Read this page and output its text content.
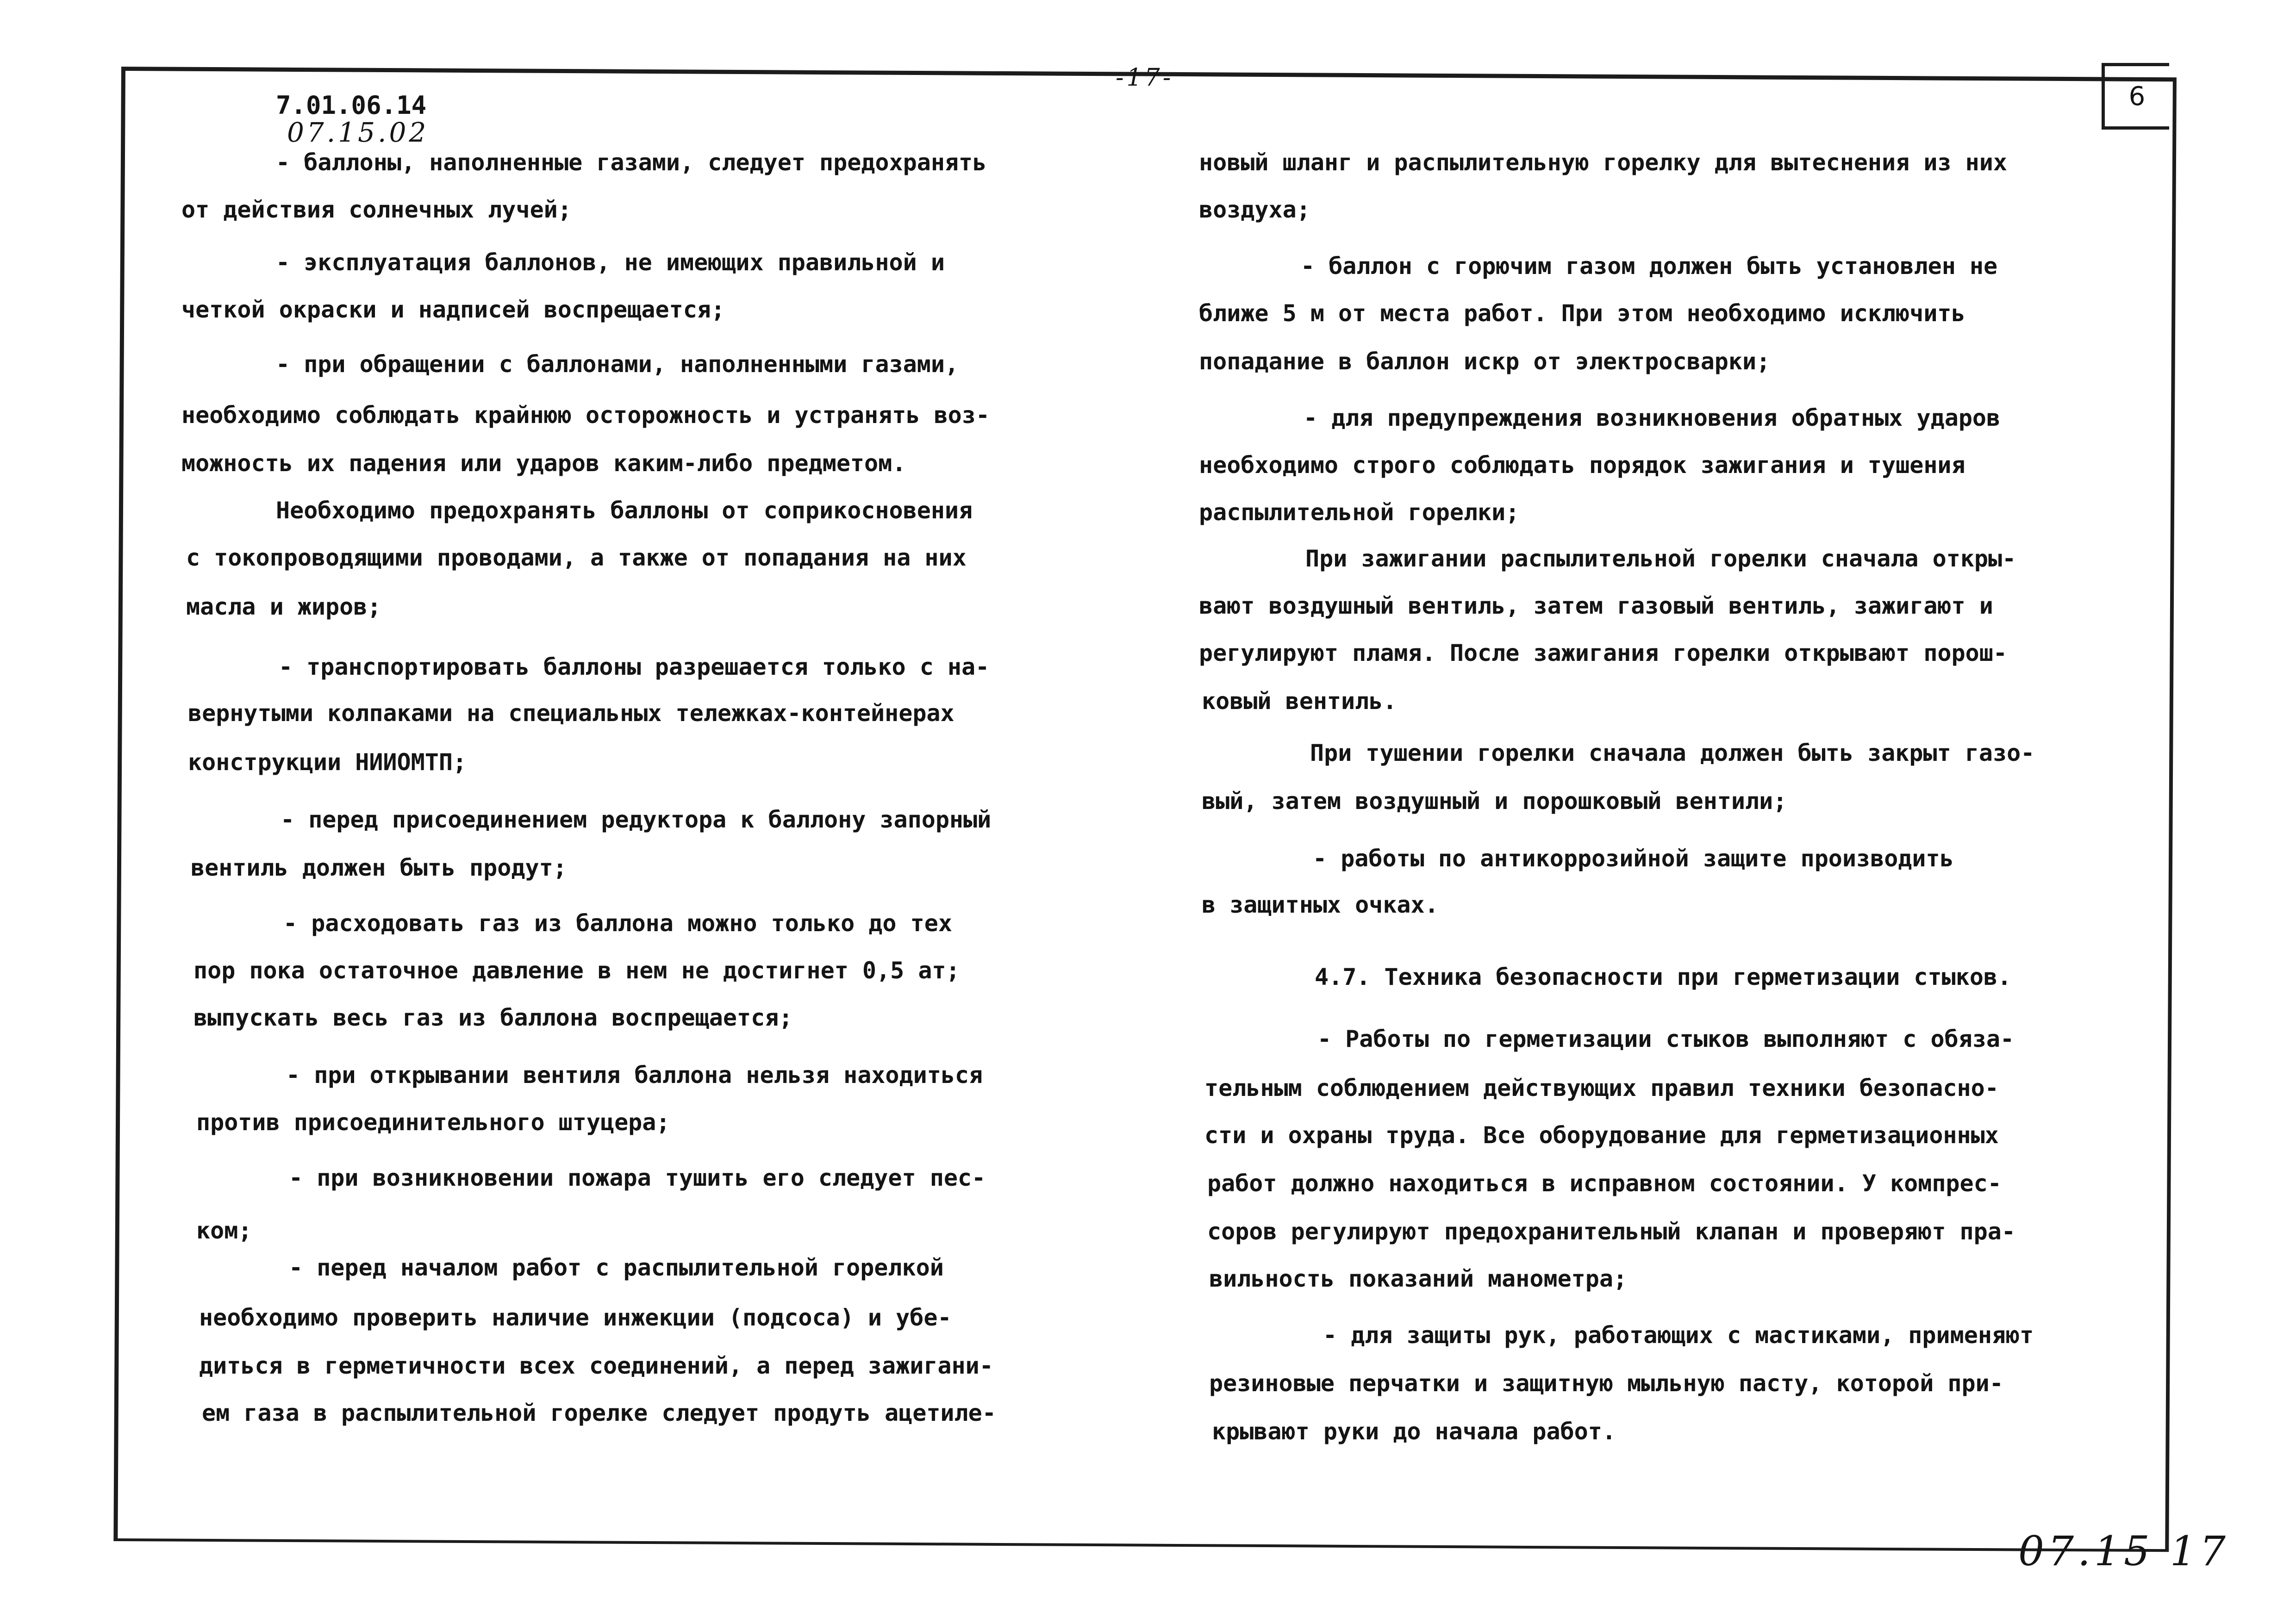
6
-17-
7.01.06.14
07.15.02

- баллоны, наполненные газами, следует предохранять

от действия солнечных лучей;

- эксплуатация баллонов, не имеющих правильной и

четкой окраски и надписей воспрещается;

- при обращении с баллонами, наполненными газами,

необходимо соблюдать крайнюю осторожность и устранять воз-

можность их падения или ударов каким-либо предметом.

Необходимо предохранять баллоны от соприкосновения

с токопроводящими проводами, а также от попадания на них

масла и жиров;

- транспортировать баллоны разрешается только с на-

вернутыми колпаками на специальных тележках-контейнерах

конструкции НИИОМТП;

- перед присоединением редуктора к баллону запорный

вентиль должен быть продут;

- расходовать газ из баллона можно только до тех

пор пока остаточное давление в нем не достигнет 0,5 ат;

выпускать весь газ из баллона воспрещается;

- при открывании вентиля баллона нельзя находиться

против присоединительного штуцера;

- при возникновении пожара тушить его следует пес-

ком;

- перед началом работ с распылительной горелкой

необходимо проверить наличие инжекции (подсоса) и убе-

диться в герметичности всех соединений, а перед зажигани-

ем газа в распылительной горелке следует продуть ацетиле-

новый шланг и распылительную горелку для вытеснения из них

воздуха;

- баллон с горючим газом должен быть установлен не

ближе 5 м от места работ. При этом необходимо исключить

попадание в баллон искр от электросварки;

- для предупреждения возникновения обратных ударов

необходимо строго соблюдать порядок зажигания и тушения

распылительной горелки;

При зажигании распылительной горелки сначала откры-

вают воздушный вентиль, затем газовый вентиль, зажигают и

регулируют пламя. После зажигания горелки открывают порош-

ковый вентиль.

При тушении горелки сначала должен быть закрыт газо-

вый, затем воздушный и порошковый вентили;

- работы по антикоррозийной защите производить

в защитных очках.

4.7. Техника безопасности при герметизации стыков.

- Работы по герметизации стыков выполняют с обяза-

тельным соблюдением действующих правил техники безопасно-

сти и охраны труда. Все оборудование для герметизационных

работ должно находиться в исправном состоянии. У компрес-

соров регулируют предохранительный клапан и проверяют пра-

вильность показаний манометра;

- для защиты рук, работающих с мастиками, применяют

резиновые перчатки и защитную мыльную пасту, которой при-

крывают руки до начала работ.

07.15 17
